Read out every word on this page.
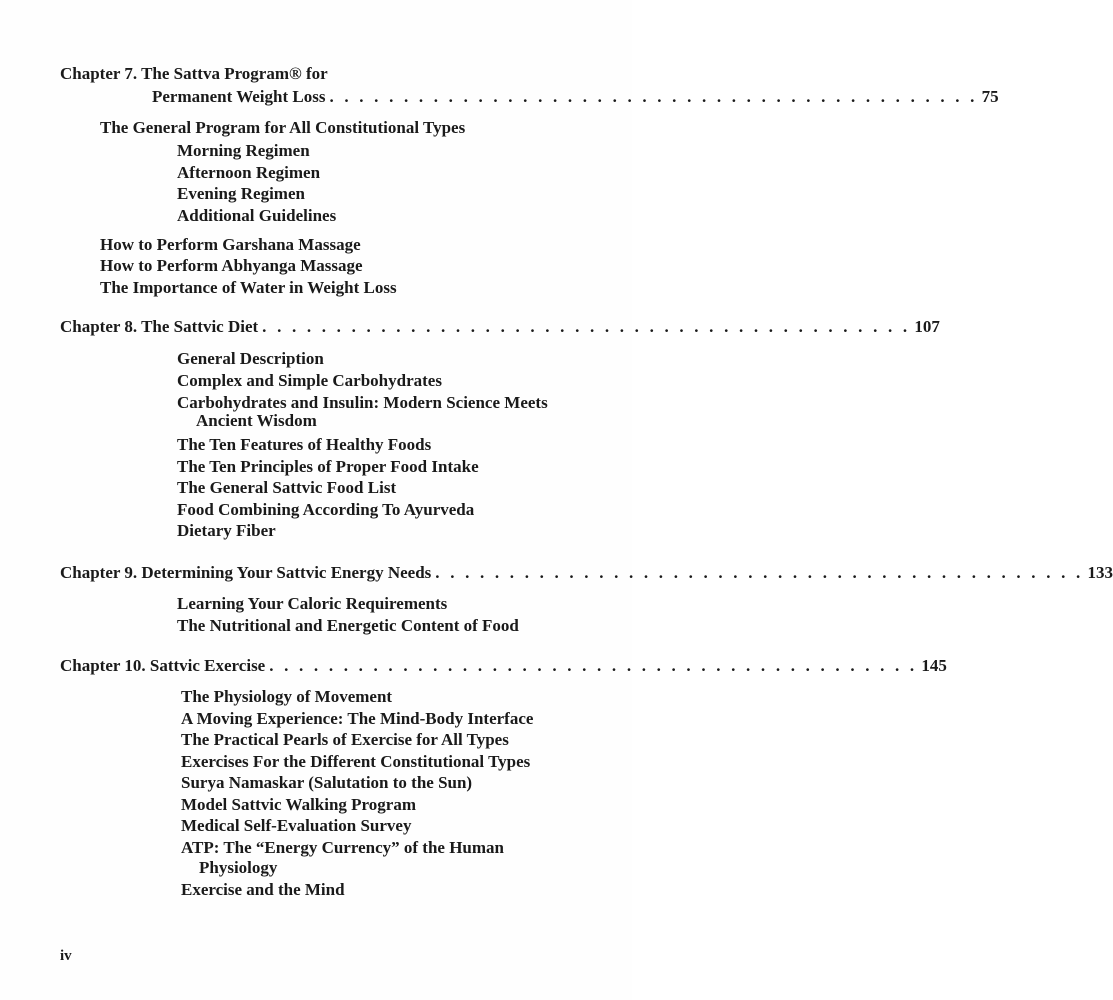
Chapter 7. The Sattva Program® for
Permanent Weight Loss . . . . . . . . . . . . . . . . . . . . . . . . . . . . . . . . . . . . . . . . . . . . 75
The General Program for All Constitutional Types
Morning Regimen
Afternoon Regimen
Evening Regimen
Additional Guidelines
How to Perform Garshana Massage
How to Perform Abhyanga Massage
The Importance of Water in Weight Loss
Chapter 8. The Sattvic Diet . . . . . . . . . . . . . . . . . . . . . . . . . . . . . . . . . . . . . . . . . . . . 107
General Description
Complex and Simple Carbohydrates
Carbohydrates and Insulin: Modern Science Meets
Ancient Wisdom
The Ten Features of Healthy Foods
The Ten Principles of Proper Food Intake
The General Sattvic Food List
Food Combining According To Ayurveda
Dietary Fiber
Chapter 9. Determining Your Sattvic Energy Needs . . . . . . . . . . . . . . . . . . . . . . . . . . . . . . . . . . . . . . . . . . . . 133
Learning Your Caloric Requirements
The Nutritional and Energetic Content of Food
Chapter 10. Sattvic Exercise . . . . . . . . . . . . . . . . . . . . . . . . . . . . . . . . . . . . . . . . . . . . 145
The Physiology of Movement
A Moving Experience: The Mind-Body Interface
The Practical Pearls of Exercise for All Types
Exercises For the Different Constitutional Types
Surya Namaskar (Salutation to the Sun)
Model Sattvic Walking Program
Medical Self-Evaluation Survey
ATP: The “Energy Currency” of the Human
Physiology
Exercise and the Mind
iv
